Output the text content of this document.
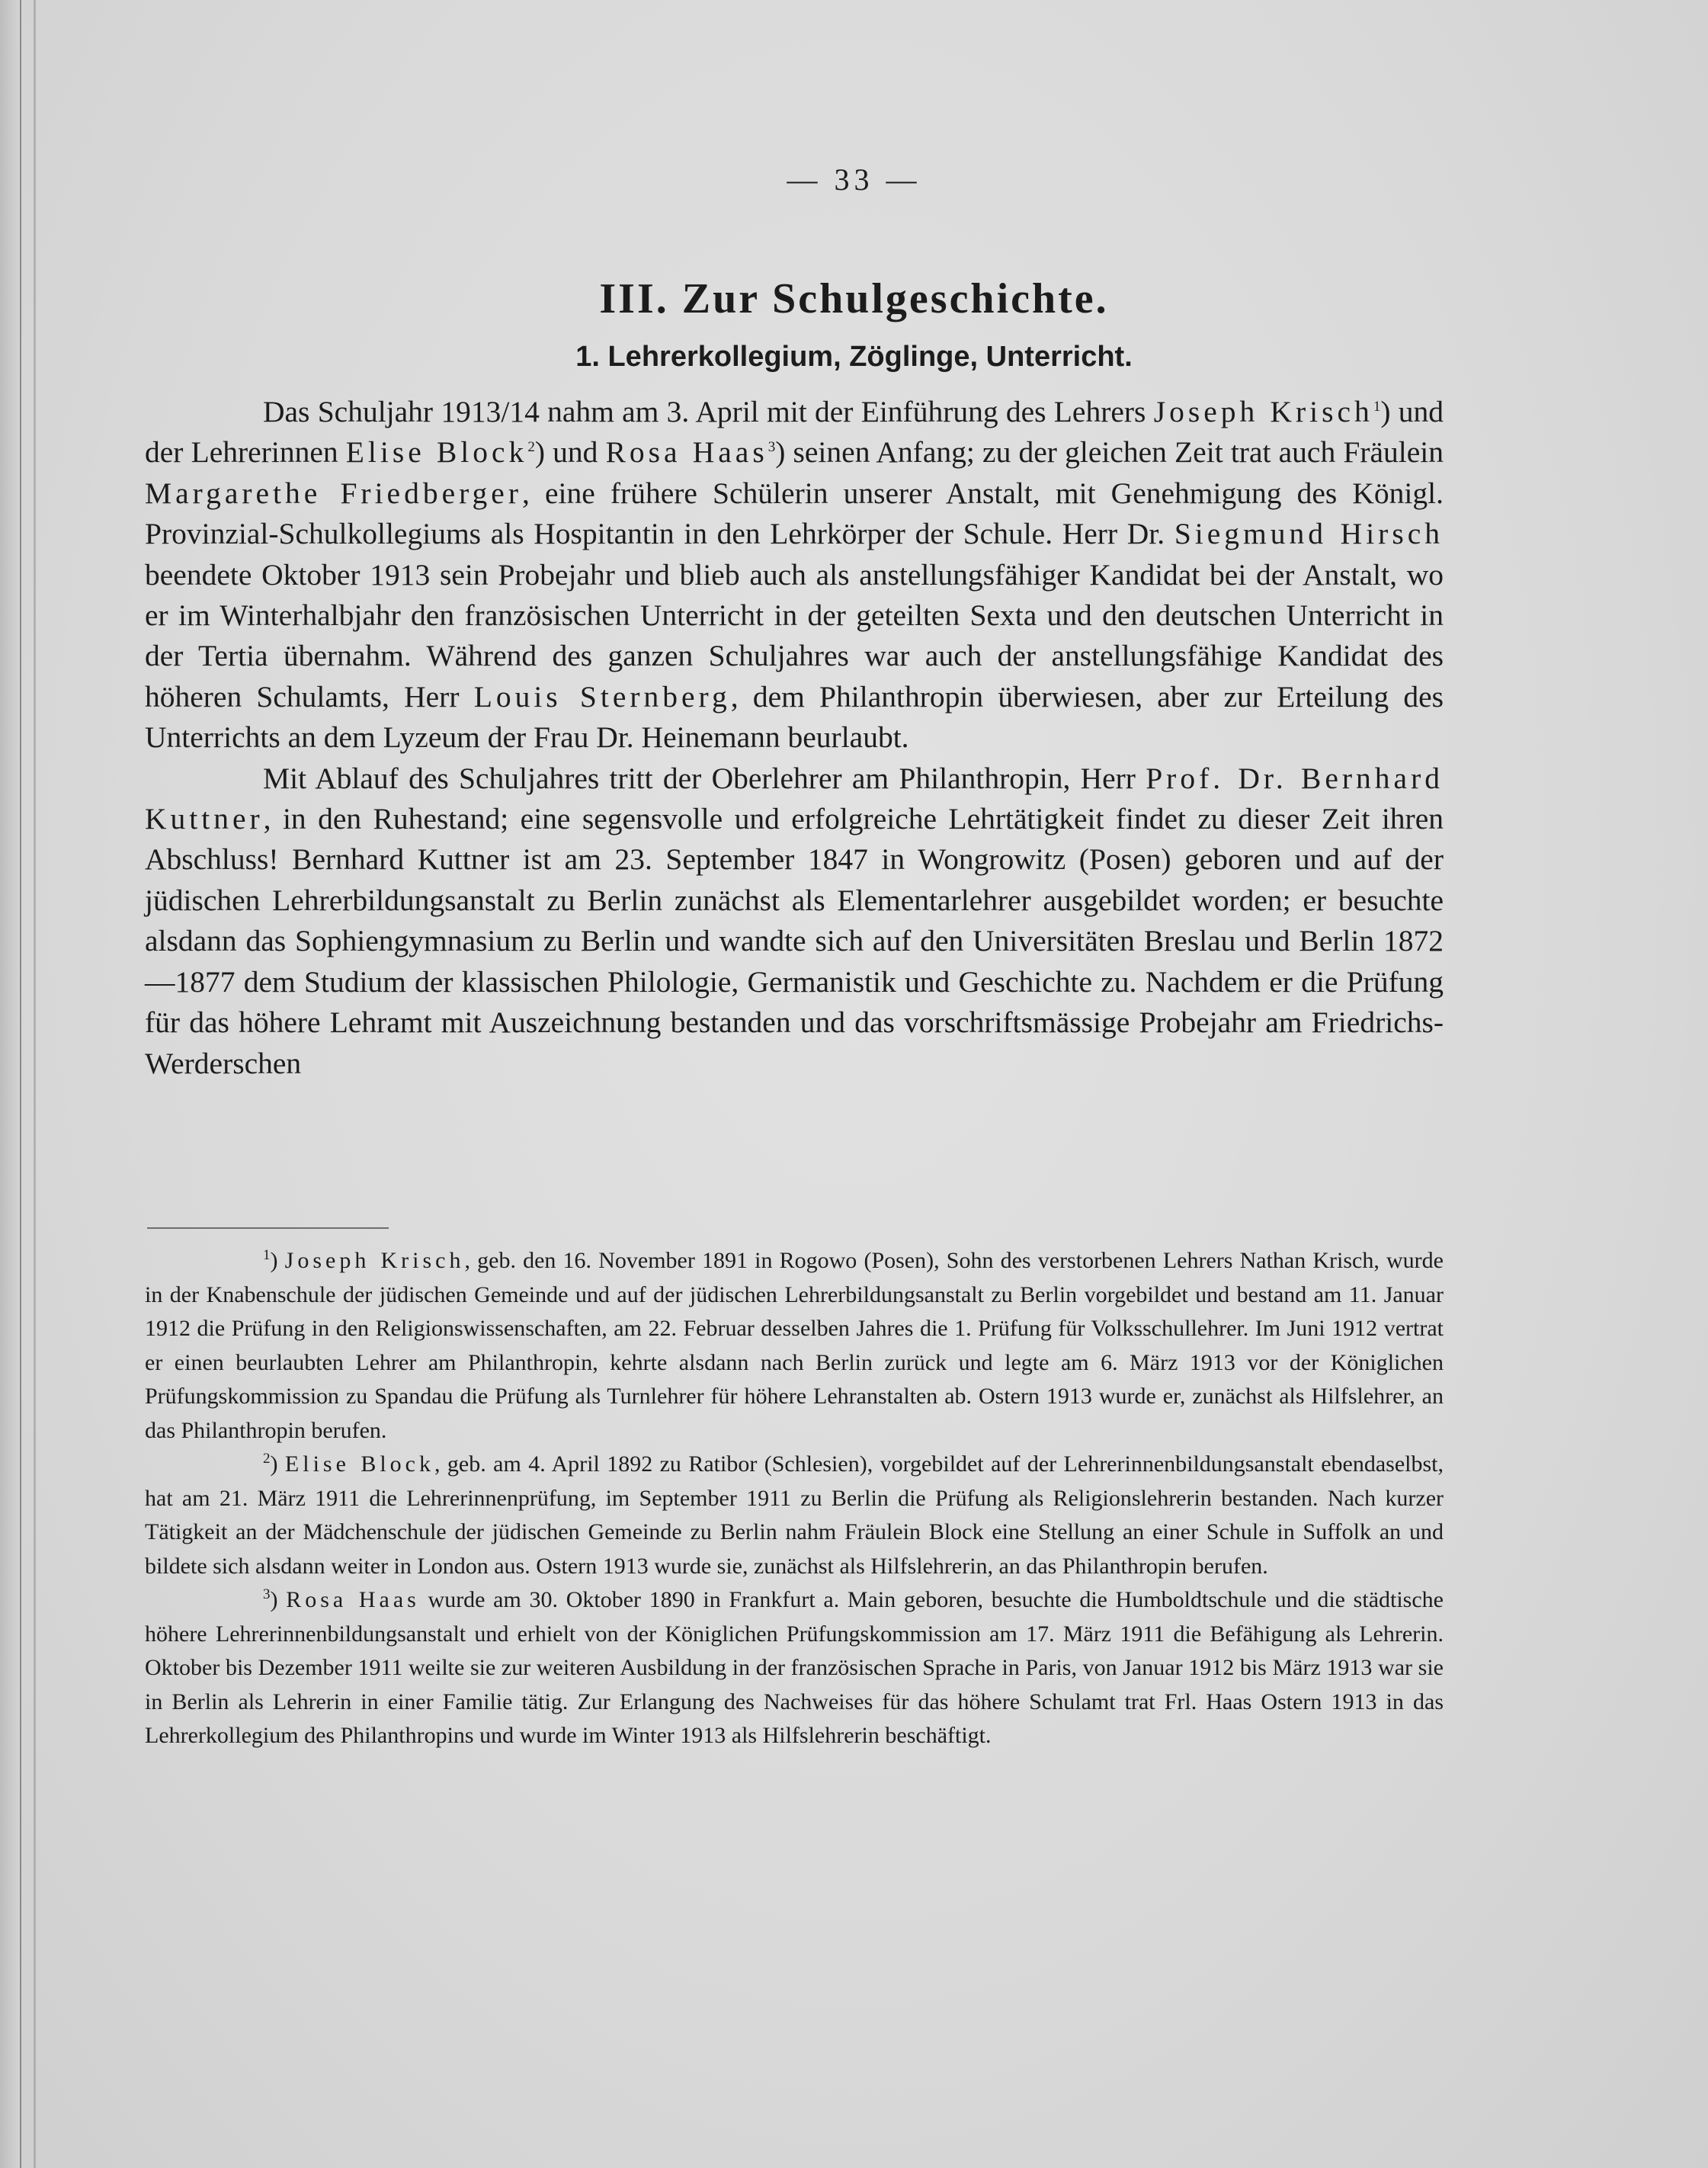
— 33 —
III. Zur Schulgeschichte.
1. Lehrerkollegium, Zöglinge, Unterricht.

Das Schuljahr 1913/14 nahm am 3. April mit der Einführung des Lehrers Joseph Krisch$^1$) und der Lehrerinnen Elise Block$^2$) und Rosa Haas$^3$) seinen Anfang; zu der gleichen Zeit trat auch Fräulein Margarethe Friedberger, eine frühere Schülerin unserer Anstalt, mit Genehmigung des Königl. Provinzial-Schulkollegiums als Hospitantin in den Lehrkörper der Schule. Herr Dr. Siegmund Hirsch beendete Oktober 1913 sein Probejahr und blieb auch als anstellungsfähiger Kandidat bei der Anstalt, wo er im Winterhalbjahr den französischen Unterricht in der geteilten Sexta und den deutschen Unterricht in der Tertia übernahm. Während des ganzen Schuljahres war auch der anstellungsfähige Kandidat des höheren Schulamts, Herr Louis Sternberg, dem Philanthropin überwiesen, aber zur Erteilung des Unterrichts an dem Lyzeum der Frau Dr. Heinemann beurlaubt.

Mit Ablauf des Schuljahres tritt der Oberlehrer am Philanthropin, Herr Prof. Dr. Bernhard Kuttner, in den Ruhestand; eine segensvolle und erfolgreiche Lehrtätigkeit findet zu dieser Zeit ihren Abschluss! Bernhard Kuttner ist am 23. September 1847 in Wongrowitz (Posen) geboren und auf der jüdischen Lehrerbildungsanstalt zu Berlin zunächst als Elementarlehrer ausgebildet worden; er besuchte alsdann das Sophiengymnasium zu Berlin und wandte sich auf den Universitäten Breslau und Berlin 1872—1877 dem Studium der klassischen Philologie, Germanistik und Geschichte zu. Nachdem er die Prüfung für das höhere Lehramt mit Auszeichnung bestanden und das vorschriftsmässige Probejahr am Friedrichs-Werderschen

$^1$) Joseph Krisch, geb. den 16. November 1891 in Rogowo (Posen), Sohn des verstorbenen Lehrers Nathan Krisch, wurde in der Knabenschule der jüdischen Gemeinde und auf der jüdischen Lehrerbildungsanstalt zu Berlin vorgebildet und bestand am 11. Januar 1912 die Prüfung in den Religionswissenschaften, am 22. Februar desselben Jahres die 1. Prüfung für Volksschullehrer. Im Juni 1912 vertrat er einen beurlaubten Lehrer am Philanthropin, kehrte alsdann nach Berlin zurück und legte am 6. März 1913 vor der Königlichen Prüfungskommission zu Spandau die Prüfung als Turnlehrer für höhere Lehranstalten ab. Ostern 1913 wurde er, zunächst als Hilfslehrer, an das Philanthropin berufen.

$^2$) Elise Block, geb. am 4. April 1892 zu Ratibor (Schlesien), vorgebildet auf der Lehrerinnenbildungsanstalt ebendaselbst, hat am 21. März 1911 die Lehrerinnenprüfung, im September 1911 zu Berlin die Prüfung als Religionslehrerin bestanden. Nach kurzer Tätigkeit an der Mädchenschule der jüdischen Gemeinde zu Berlin nahm Fräulein Block eine Stellung an einer Schule in Suffolk an und bildete sich alsdann weiter in London aus. Ostern 1913 wurde sie, zunächst als Hilfslehrerin, an das Philanthropin berufen.

$^3$) Rosa Haas wurde am 30. Oktober 1890 in Frankfurt a. Main geboren, besuchte die Humboldtschule und die städtische höhere Lehrerinnenbildungsanstalt und erhielt von der Königlichen Prüfungskommission am 17. März 1911 die Befähigung als Lehrerin. Oktober bis Dezember 1911 weilte sie zur weiteren Ausbildung in der französischen Sprache in Paris, von Januar 1912 bis März 1913 war sie in Berlin als Lehrerin in einer Familie tätig. Zur Erlangung des Nachweises für das höhere Schulamt trat Frl. Haas Ostern 1913 in das Lehrerkollegium des Philanthropins und wurde im Winter 1913 als Hilfslehrerin beschäftigt.
